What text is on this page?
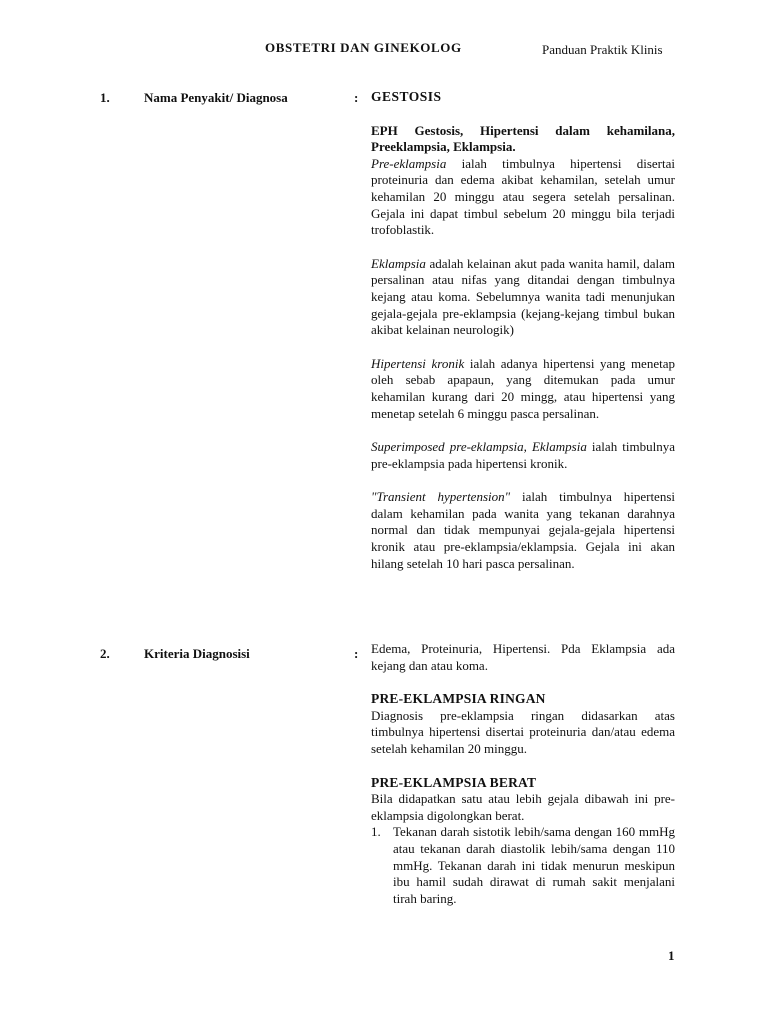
OBSTETRI DAN GINEKOLOG	Panduan Praktik Klinis
1.	Nama Penyakit/ Diagnosa	: GESTOSIS

EPH Gestosis, Hipertensi dalam kehamilana, Preeklampsia, Eklampsia.

Pre-eklampsia ialah timbulnya hipertensi disertai proteinuria dan edema akibat kehamilan, setelah umur kehamilan 20 minggu atau segera setelah persalinan. Gejala ini dapat timbul sebelum 20 minggu bila terjadi trofoblastik.

Eklampsia adalah kelainan akut pada wanita hamil, dalam persalinan atau nifas yang ditandai dengan timbulnya kejang atau koma. Sebelumnya wanita tadi menunjukan gejala-gejala pre-eklampsia (kejang-kejang timbul bukan akibat kelainan neurologik)

Hipertensi kronik ialah adanya hipertensi yang menetap oleh sebab apapaun, yang ditemukan pada umur kehamilan kurang dari 20 mingg, atau hipertensi yang menetap setelah 6 minggu pasca persalinan.

Superimposed pre-eklampsia, Eklampsia ialah timbulnya pre-eklampsia pada hipertensi kronik.

"Transient hypertension" ialah timbulnya hipertensi dalam kehamilan pada wanita yang tekanan darahnya normal dan tidak mempunyai gejala-gejala hipertensi kronik atau pre-eklampsia/eklampsia. Gejala ini akan hilang setelah 10 hari pasca persalinan.

2.	Kriteria Diagnosisi	: Edema, Proteinuria, Hipertensi. Pda Eklampsia ada kejang dan atau koma.

PRE-EKLAMPSIA RINGAN

Diagnosis pre-eklampsia ringan didasarkan atas timbulnya hipertensi disertai proteinuria dan/atau edema setelah kehamilan 20 minggu.

PRE-EKLAMPSIA BERAT

Bila didapatkan satu atau lebih gejala dibawah ini pre-eklampsia digolongkan berat.

1. Tekanan darah sistotik lebih/sama dengan 160 mmHg atau tekanan darah diastolik lebih/sama dengan 110 mmHg. Tekanan darah ini tidak menurun meskipun ibu hamil sudah dirawat di rumah sakit menjalani tirah baring.
1
